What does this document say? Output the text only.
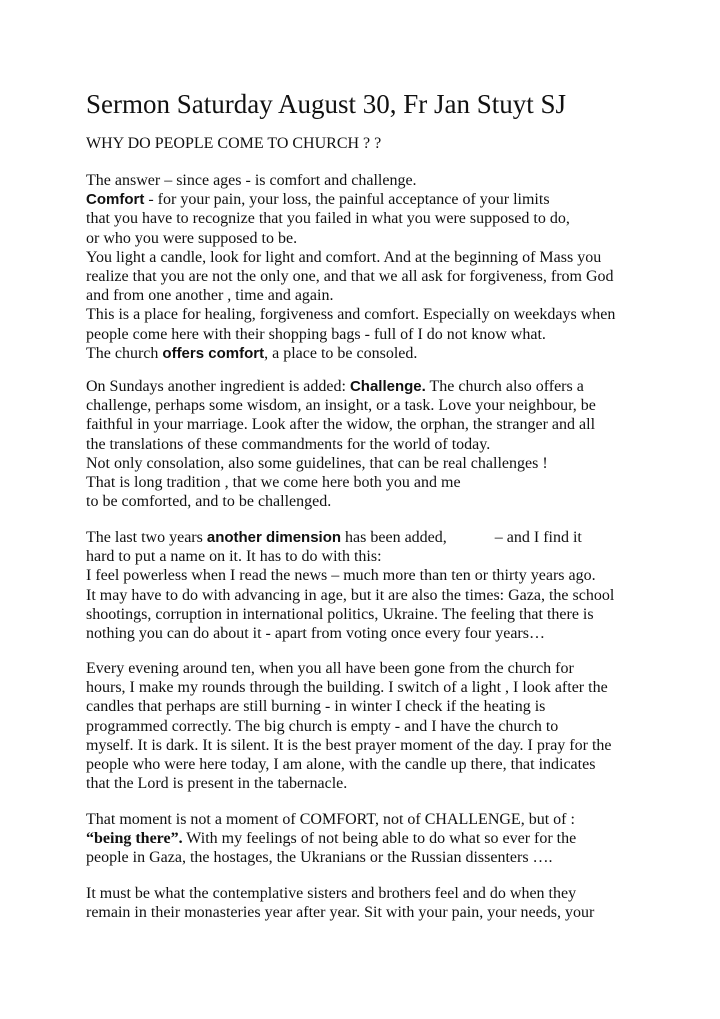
Sermon Saturday August 30, Fr Jan Stuyt SJ

WHY DO PEOPLE COME TO CHURCH ? ?

The answer – since ages - is comfort and challenge.
Comfort - for your pain, your loss, the painful acceptance of your limits
that you have to recognize that you failed in what you were supposed to do,
or who you were supposed to be.
You light a candle, look for light and comfort. And at the beginning of Mass you
realize that you are not the only one, and that we all ask for forgiveness, from God
and from one another , time and again.
This is a place for healing, forgiveness and comfort. Especially on weekdays when
people come here with their shopping bags - full of I do not know what.
The church offers comfort, a place to be consoled.
On Sundays another ingredient is added: Challenge. The church also offers a
challenge, perhaps some wisdom, an insight, or a task. Love your neighbour, be
faithful in your marriage. Look after the widow, the orphan, the stranger and all
the translations of these commandments for the world of today.
Not only consolation, also some guidelines, that can be real challenges !
That is long tradition , that we come here both you and me
to be comforted, and to be challenged.
The last two years another dimension has been added,	– and I find it
hard to put a name on it. It has to do with this:
I feel powerless when I read the news – much more than ten or thirty years ago.
It may have to do with advancing in age, but it are also the times: Gaza, the school
shootings, corruption in international politics, Ukraine. The feeling that there is
nothing you can do about it - apart from voting once every four years…
Every evening around ten, when you all have been gone from the church for
hours, I make my rounds through the building. I switch of a light , I look after the
candles that perhaps are still burning - in winter I check if the heating is
programmed correctly. The big church is empty - and I have the church to
myself. It is dark. It is silent. It is the best prayer moment of the day. I pray for the
people who were here today, I am alone, with the candle up there, that indicates
that the Lord is present in the tabernacle.
That moment is not a moment of COMFORT, not of CHALLENGE, but of :
“being there”. With my feelings of not being able to do what so ever for the
people in Gaza, the hostages, the Ukranians or the Russian dissenters ….
It must be what the contemplative sisters and brothers feel and do when they
remain in their monasteries year after year. Sit with your pain, your needs, your
